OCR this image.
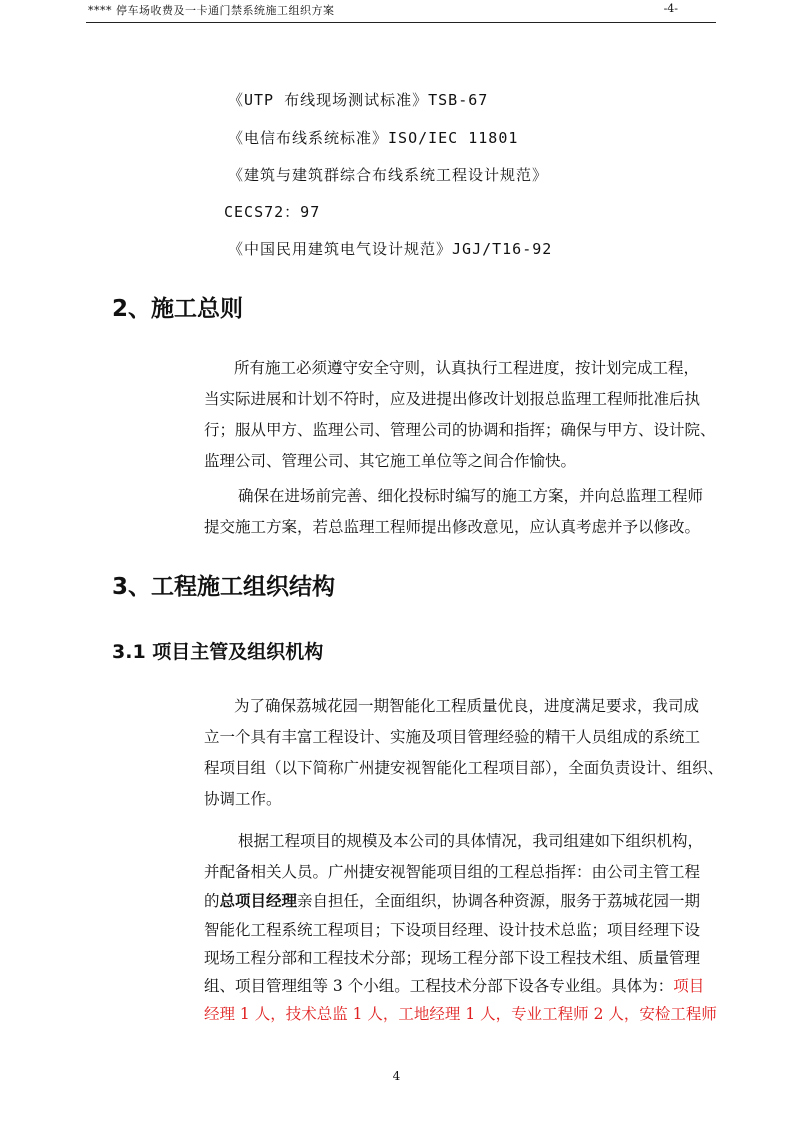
**** 停车场收费及一卡通门禁系统施工组织方案	-4-
《UTP 布线现场测试标准》TSB-67
《电信布线系统标准》ISO/IEC 11801
《建筑与建筑群综合布线系统工程设计规范》
CECS72：97
《中国民用建筑电气设计规范》JGJ/T16-92
2、施工总则
所有施工必须遵守安全守则，认真执行工程进度，按计划完成工程，
当实际进展和计划不符时，应及进提出修改计划报总监理工程师批准后执
行；服从甲方、监理公司、管理公司的协调和指挥；确保与甲方、设计院、
监理公司、管理公司、其它施工单位等之间合作愉快。
确保在进场前完善、细化投标时编写的施工方案，并向总监理工程师
提交施工方案，若总监理工程师提出修改意见，应认真考虑并予以修改。
3、工程施工组织结构
3.1 项目主管及组织机构
为了确保荔城花园一期智能化工程质量优良，进度满足要求，我司成
立一个具有丰富工程设计、实施及项目管理经验的精干人员组成的系统工
程项目组（以下简称广州捷安视智能化工程项目部），全面负责设计、组织、
协调工作。
根据工程项目的规模及本公司的具体情况，我司组建如下组织机构，
并配备相关人员。广州捷安视智能项目组的工程总指挥：由公司主管工程
的总项目经理亲自担任，全面组织，协调各种资源，服务于荔城花园一期
智能化工程系统工程项目；下设项目经理、设计技术总监；项目经理下设
现场工程分部和工程技术分部；现场工程分部下设工程技术组、质量管理
组、项目管理组等 3 个小组。工程技术分部下设各专业组。具体为：项目
经理 1 人，技术总监 1 人，工地经理 1 人，专业工程师 2 人，安检工程师
4
